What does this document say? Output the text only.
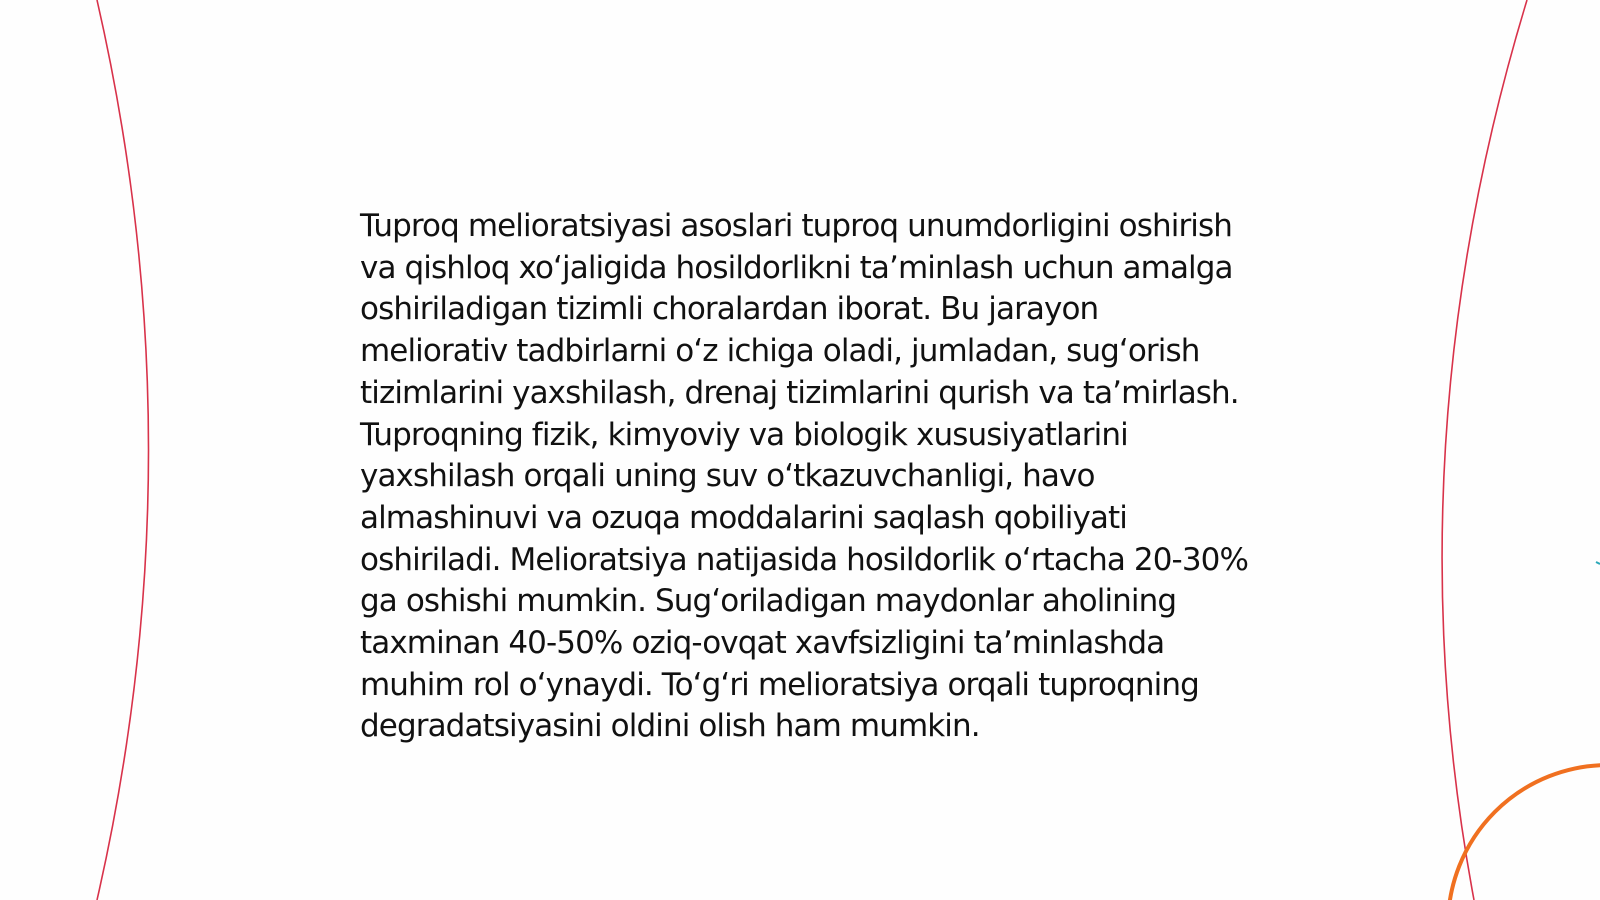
Tuproq melioratsiyasi asoslari tuproq unumdorligini oshirish va qishloq xo‘jaligida hosildorlikni ta’minlash uchun amalga oshiriladigan tizimli choralardan iborat. Bu jarayon meliorativ tadbirlarni o‘z ichiga oladi, jumladan, sug‘orish tizimlarini yaxshilash, drenaj tizimlarini qurish va ta’mirlash. Tuproqning fizik, kimyoviy va biologik xususiyatlarini yaxshilash orqali uning suv o‘tkazuvchanligi, havo almashinuvi va ozuqa moddalarini saqlash qobiliyati oshiriladi. Melioratsiya natijasida hosildorlik o‘rtacha 20-30% ga oshishi mumkin. Sug‘oriladigan maydonlar aholining taxminan 40-50% oziq-ovqat xavfsizligini ta’minlashda muhim rol o‘ynaydi. To‘g‘ri melioratsiya orqali tuproqning degradatsiyasini oldini olish ham mumkin.
